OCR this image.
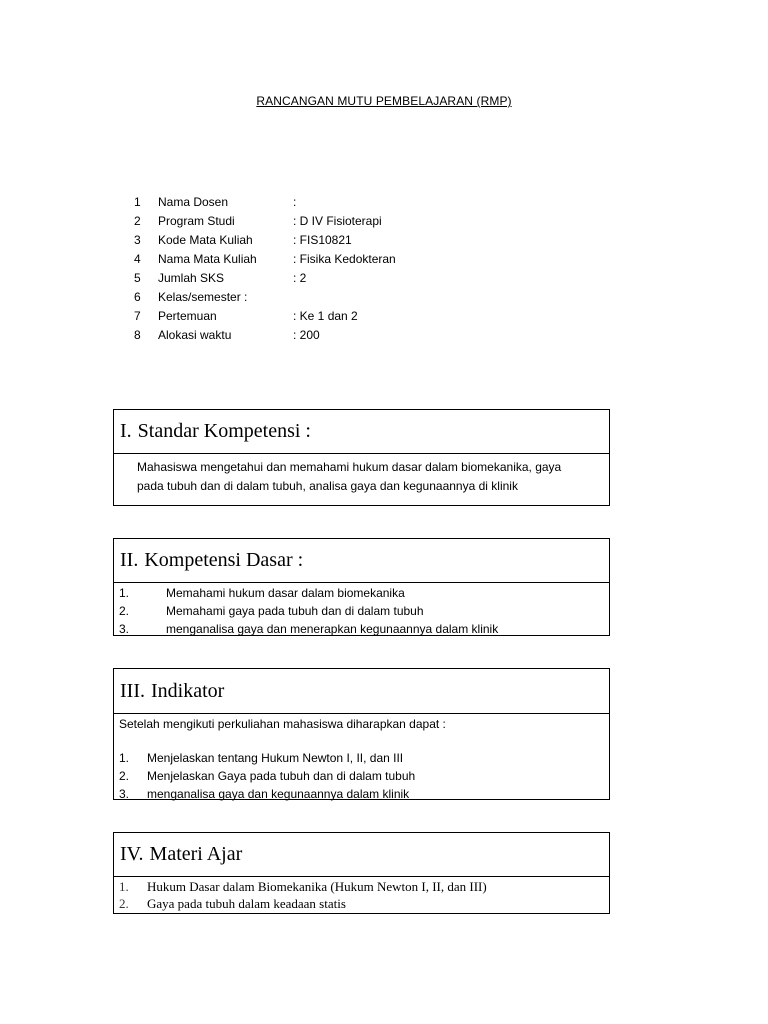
RANCANGAN MUTU PEMBELAJARAN (RMP)
1	Nama Dosen	:
2	Program Studi	: D IV Fisioterapi
3	Kode Mata Kuliah	: FIS10821
4	Nama Mata Kuliah	: Fisika Kedokteran
5	Jumlah SKS	: 2
6	Kelas/semester :
7	Pertemuan	: Ke 1 dan 2
8	Alokasi waktu	: 200
I. Standar Kompetensi :
Mahasiswa mengetahui dan memahami hukum dasar dalam biomekanika, gaya
pada tubuh dan di dalam tubuh, analisa gaya dan kegunaannya di klinik
II. Kompetensi Dasar :
1.	Memahami hukum dasar dalam biomekanika
2.	Memahami gaya pada tubuh dan di dalam tubuh
3.	menganalisa gaya dan menerapkan kegunaannya dalam klinik
III. Indikator
Setelah mengikuti perkuliahan mahasiswa diharapkan dapat :
1. Menjelaskan tentang Hukum Newton I, II, dan III
2. Menjelaskan Gaya pada tubuh dan di dalam tubuh
3. menganalisa gaya dan kegunaannya dalam klinik
IV. Materi Ajar
1. Hukum Dasar dalam Biomekanika (Hukum Newton I, II, dan III)
2. Gaya pada tubuh dalam keadaan statis
